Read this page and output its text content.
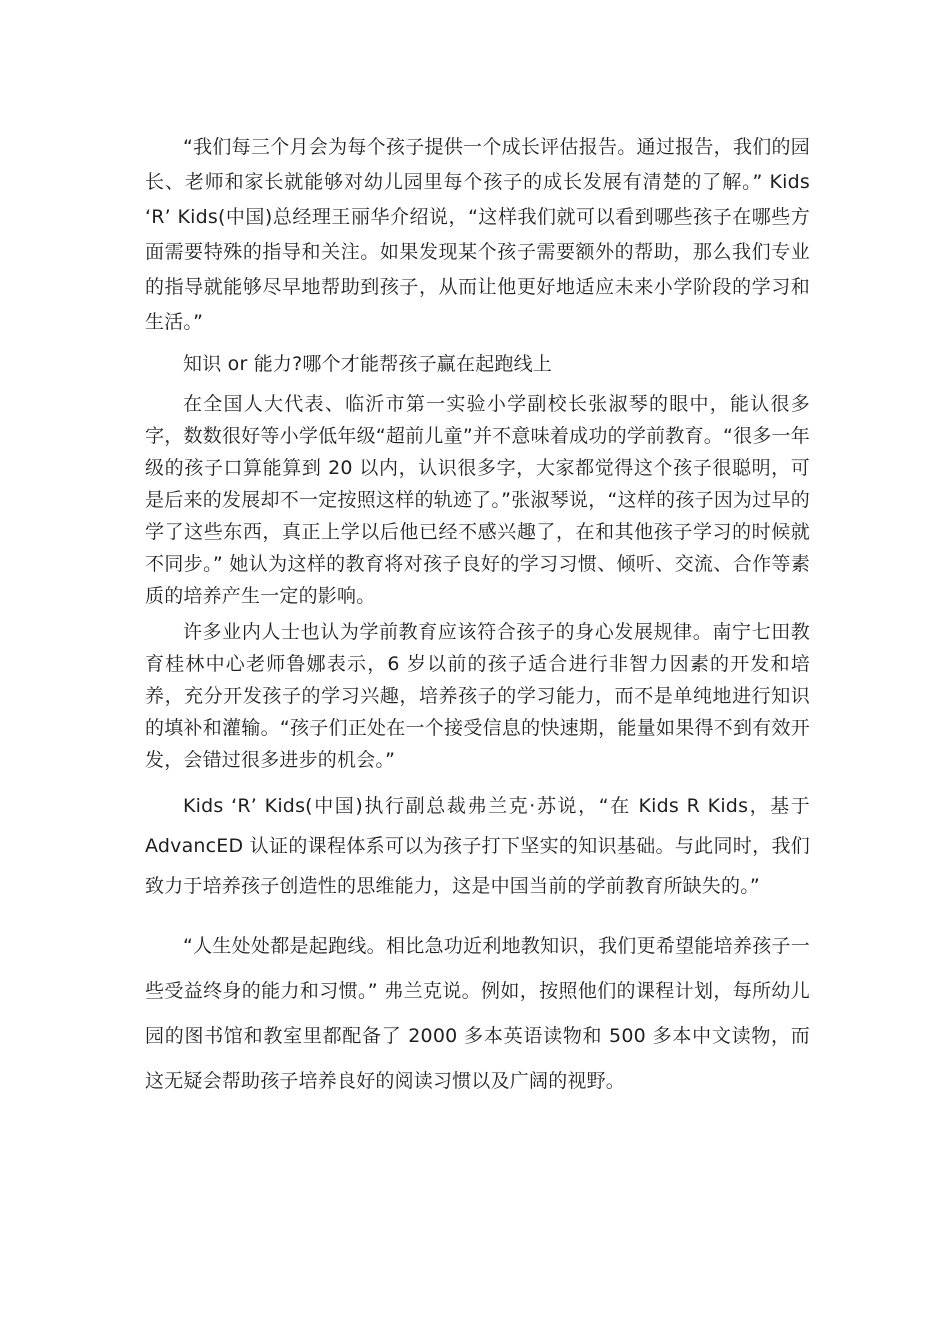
“我们每三个月会为每个孩子提供一个成长评估报告。通过报告，我们的园长、老师和家长就能够对幼儿园里每个孩子的成长发展有清楚的了解。” Kids ‘R’ Kids(中国)总经理王丽华介绍说，“这样我们就可以看到哪些孩子在哪些方面需要特殊的指导和关注。如果发现某个孩子需要额外的帮助，那么我们专业的指导就能够尽早地帮助到孩子，从而让他更好地适应未来小学阶段的学习和生活。”

知识 or 能力?哪个才能帮孩子赢在起跑线上

在全国人大代表、临沂市第一实验小学副校长张淑琴的眼中，能认很多字，数数很好等小学低年级“超前儿童”并不意味着成功的学前教育。“很多一年级的孩子口算能算到 20 以内，认识很多字，大家都觉得这个孩子很聪明，可是后来的发展却不一定按照这样的轨迹了。”张淑琴说，“这样的孩子因为过早的学了这些东西，真正上学以后他已经不感兴趣了，在和其他孩子学习的时候就不同步。” 她认为这样的教育将对孩子良好的学习习惯、倾听、交流、合作等素质的培养产生一定的影响。

许多业内人士也认为学前教育应该符合孩子的身心发展规律。南宁七田教育桂林中心老师鲁娜表示，6 岁以前的孩子适合进行非智力因素的开发和培养，充分开发孩子的学习兴趣，培养孩子的学习能力，而不是单纯地进行知识的填补和灌输。“孩子们正处在一个接受信息的快速期，能量如果得不到有效开发，会错过很多进步的机会。”

Kids ‘R’ Kids(中国)执行副总裁弗兰克·苏说，“在 Kids R Kids，基于 AdvancED 认证的课程体系可以为孩子打下坚实的知识基础。与此同时，我们致力于培养孩子创造性的思维能力，这是中国当前的学前教育所缺失的。”

“人生处处都是起跑线。相比急功近利地教知识，我们更希望能培养孩子一些受益终身的能力和习惯。” 弗兰克说。例如，按照他们的课程计划，每所幼儿园的图书馆和教室里都配备了 2000 多本英语读物和 500 多本中文读物，而这无疑会帮助孩子培养良好的阅读习惯以及广阔的视野。
